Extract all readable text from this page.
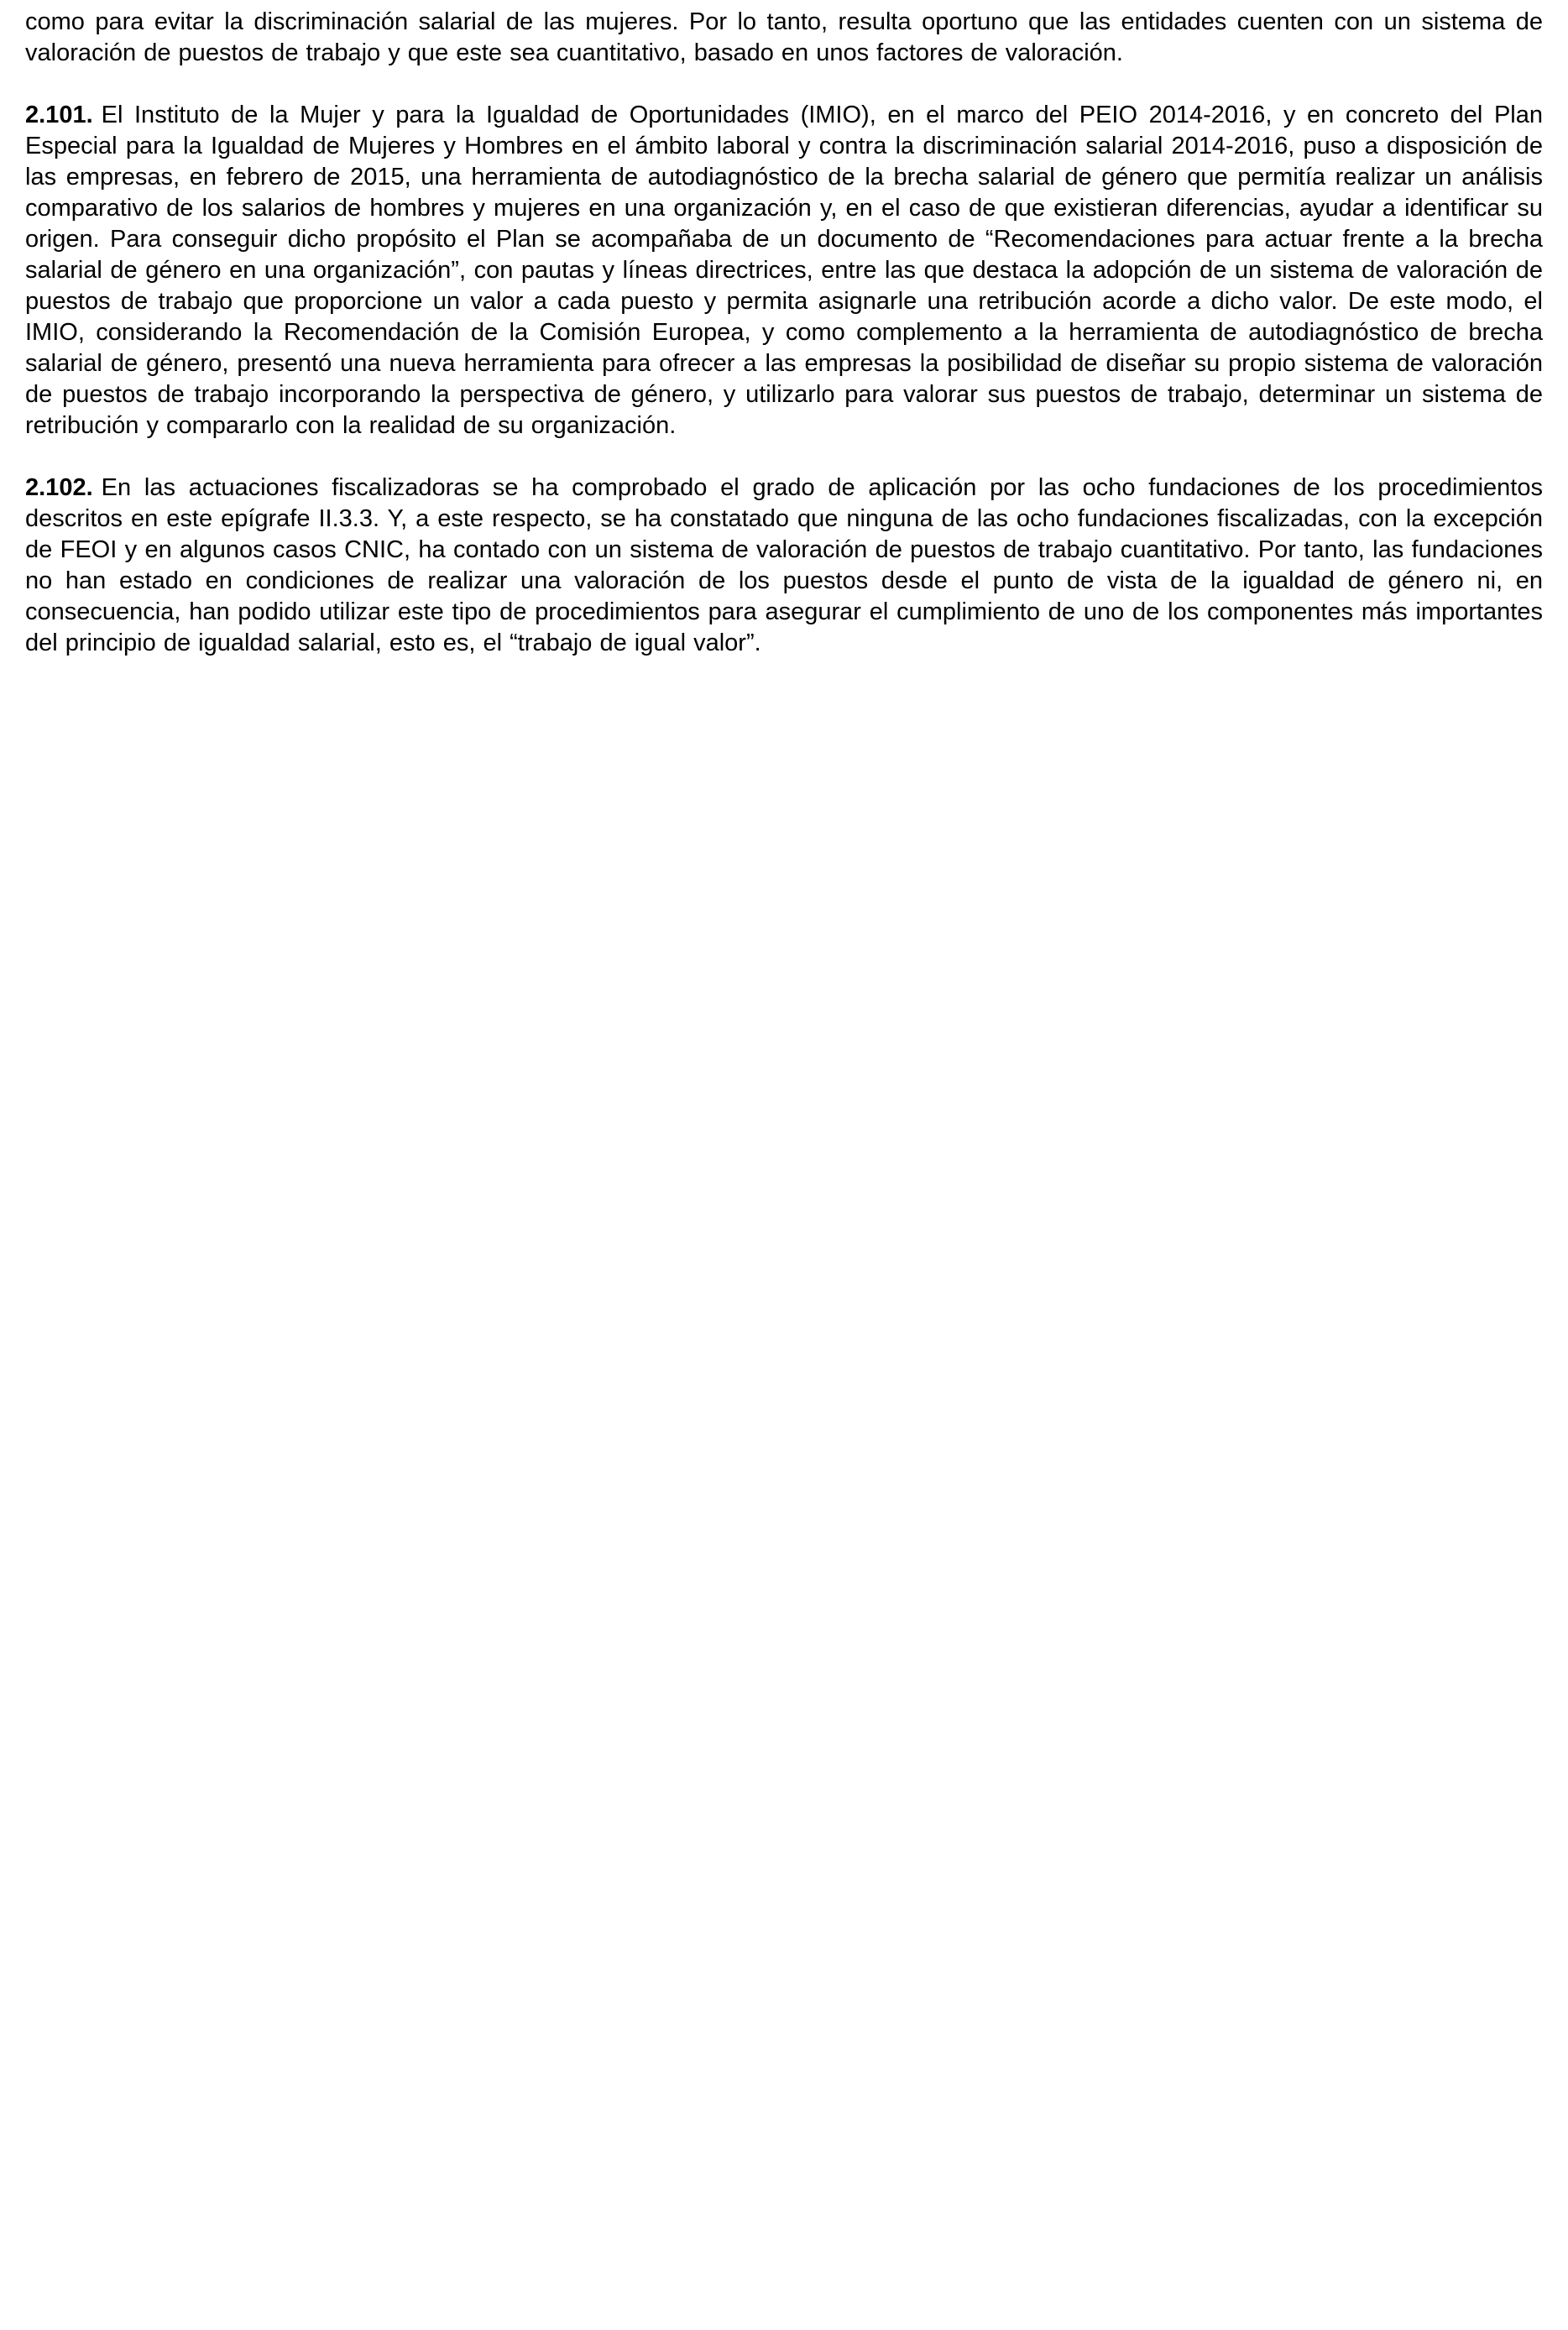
como para evitar la discriminación salarial de las mujeres. Por lo tanto, resulta oportuno que las entidades cuenten con un sistema de valoración de puestos de trabajo y que este sea cuantitativo, basado en unos factores de valoración.

2.101. El Instituto de la Mujer y para la Igualdad de Oportunidades (IMIO), en el marco del PEIO 2014-2016, y en concreto del Plan Especial para la Igualdad de Mujeres y Hombres en el ámbito laboral y contra la discriminación salarial 2014-2016, puso a disposición de las empresas, en febrero de 2015, una herramienta de autodiagnóstico de la brecha salarial de género que permitía realizar un análisis comparativo de los salarios de hombres y mujeres en una organización y, en el caso de que existieran diferencias, ayudar a identificar su origen. Para conseguir dicho propósito el Plan se acompañaba de un documento de “Recomendaciones para actuar frente a la brecha salarial de género en una organización”, con pautas y líneas directrices, entre las que destaca la adopción de un sistema de valoración de puestos de trabajo que proporcione un valor a cada puesto y permita asignarle una retribución acorde a dicho valor. De este modo, el IMIO, considerando la Recomendación de la Comisión Europea, y como complemento a la herramienta de autodiagnóstico de brecha salarial de género, presentó una nueva herramienta para ofrecer a las empresas la posibilidad de diseñar su propio sistema de valoración de puestos de trabajo incorporando la perspectiva de género, y utilizarlo para valorar sus puestos de trabajo, determinar un sistema de retribución y compararlo con la realidad de su organización.

2.102. En las actuaciones fiscalizadoras se ha comprobado el grado de aplicación por las ocho fundaciones de los procedimientos descritos en este epígrafe II.3.3. Y, a este respecto, se ha constatado que ninguna de las ocho fundaciones fiscalizadas, con la excepción de FEOI y en algunos casos CNIC, ha contado con un sistema de valoración de puestos de trabajo cuantitativo. Por tanto, las fundaciones no han estado en condiciones de realizar una valoración de los puestos desde el punto de vista de la igualdad de género ni, en consecuencia, han podido utilizar este tipo de procedimientos para asegurar el cumplimiento de uno de los componentes más importantes del principio de igualdad salarial, esto es, el “trabajo de igual valor”.
